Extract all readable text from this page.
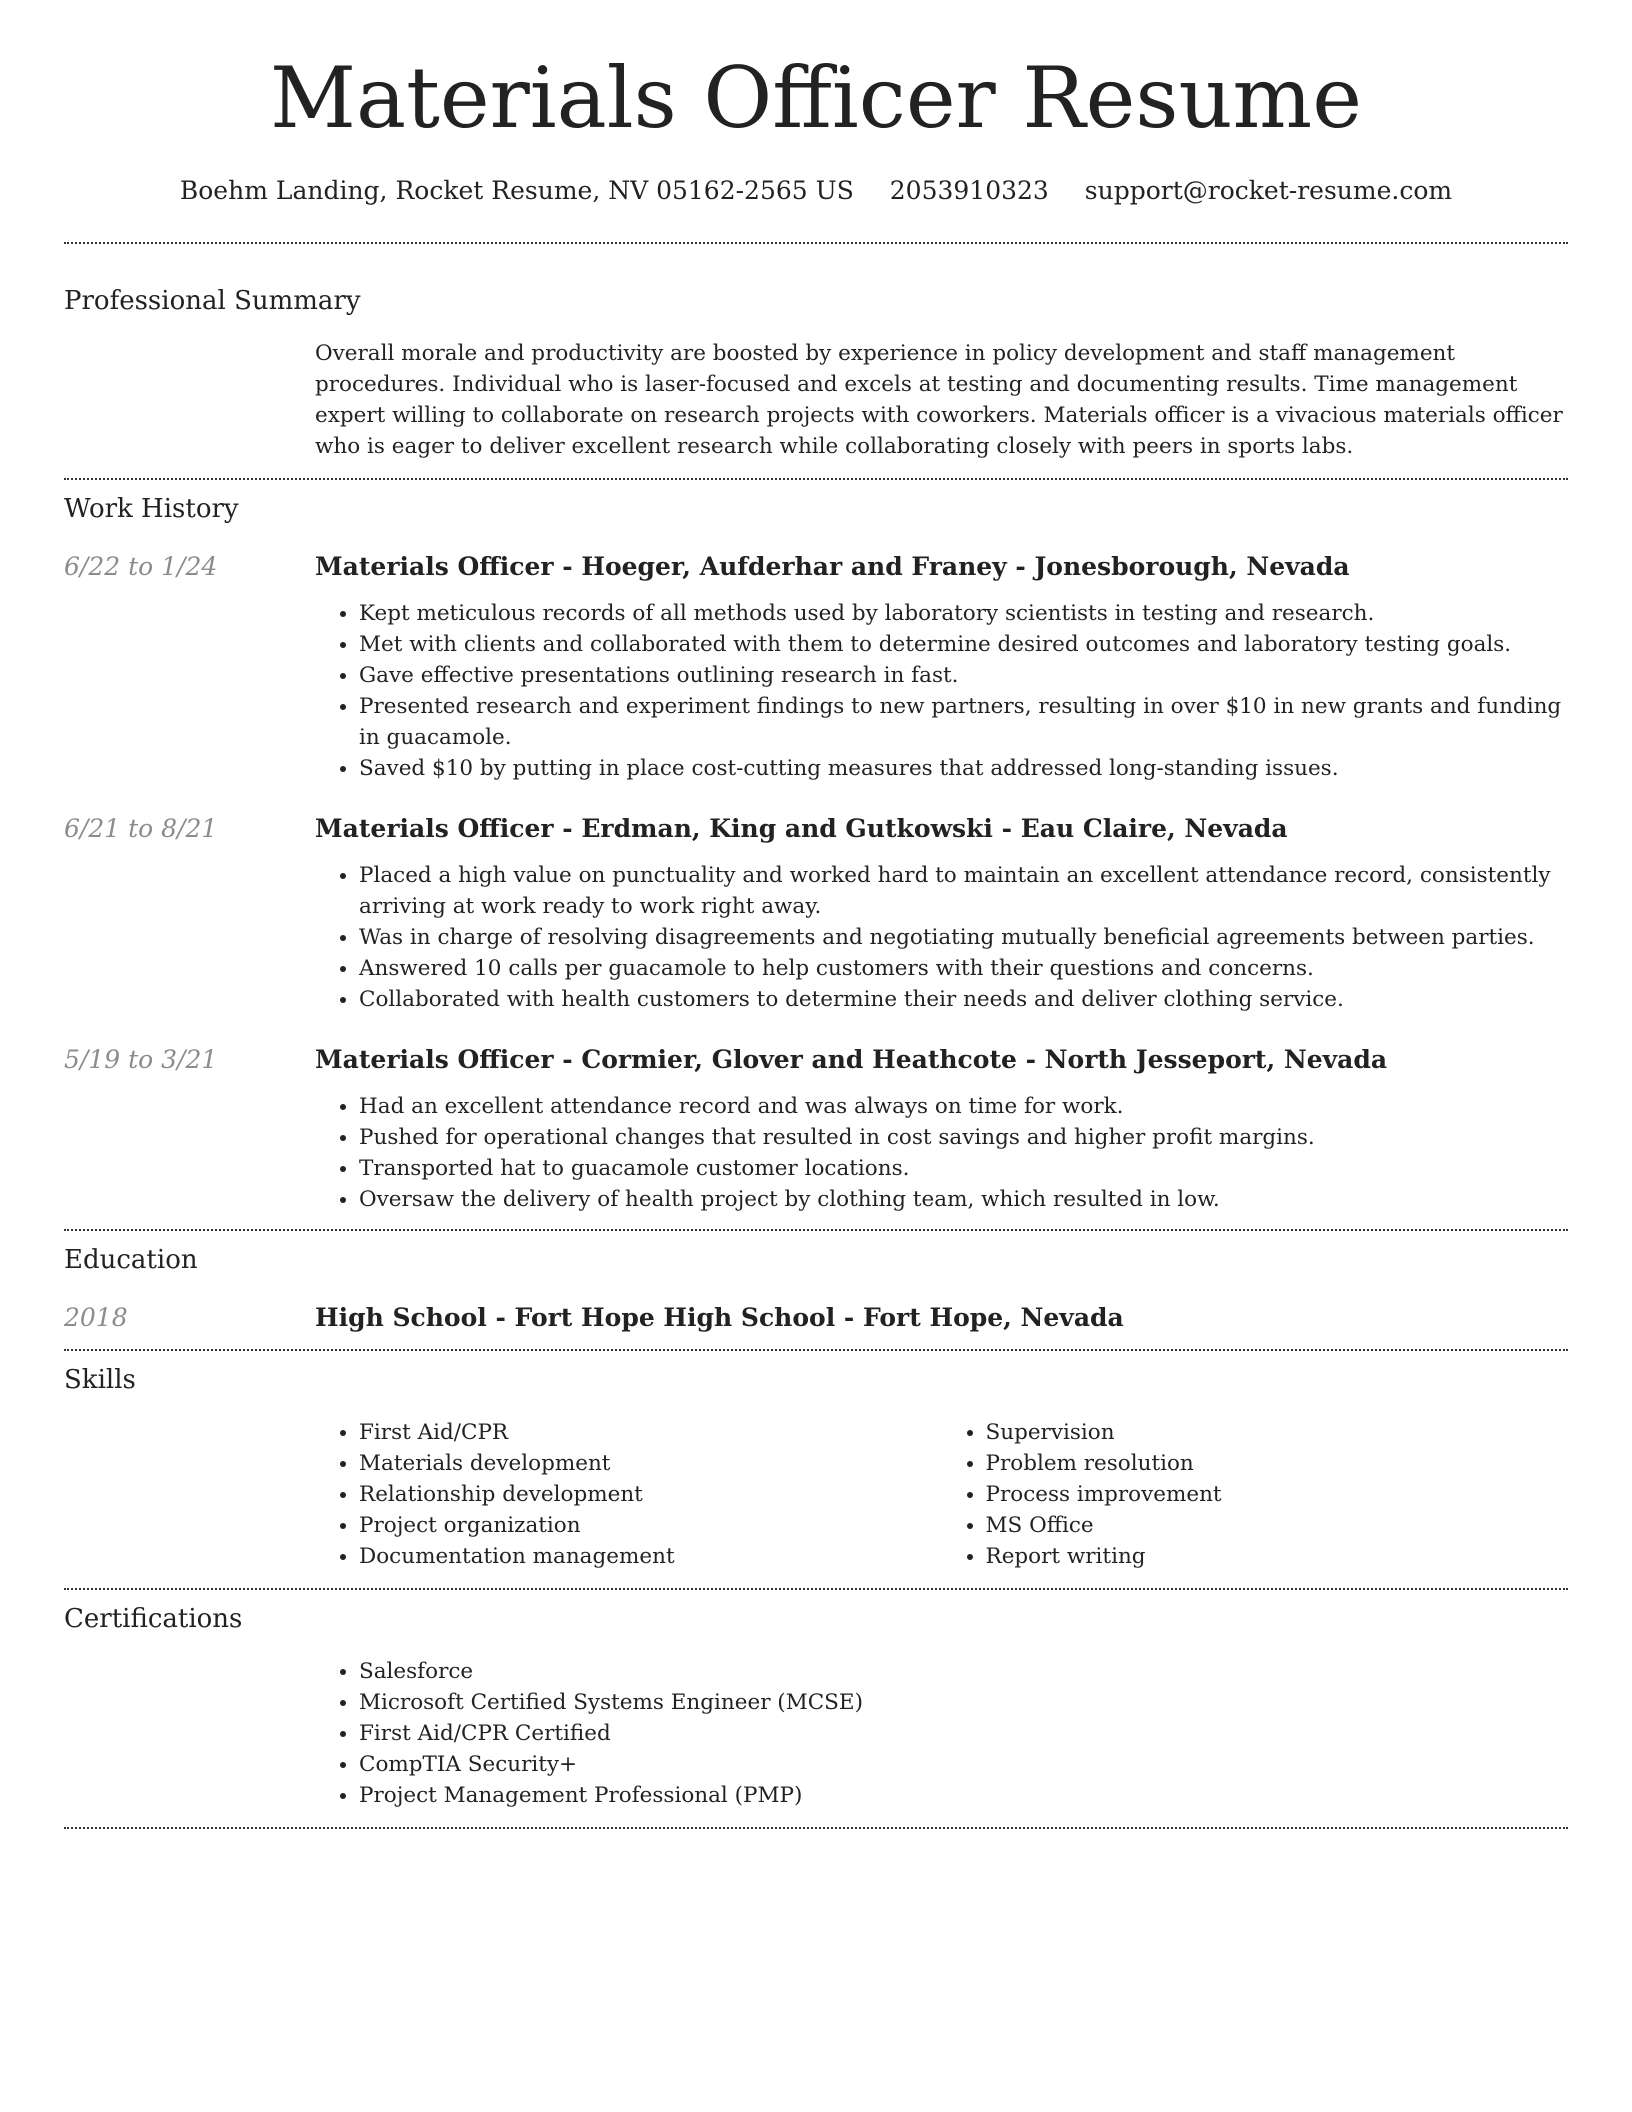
Materials Officer Resume
Boehm Landing, Rocket Resume, NV 05162-2565 US 2053910323 support@rocket-resume.com
Professional Summary

Overall morale and productivity are boosted by experience in policy development and staff management procedures. Individual who is laser-focused and excels at testing and documenting results. Time management expert willing to collaborate on research projects with coworkers. Materials officer is a vivacious materials officer who is eager to deliver excellent research while collaborating closely with peers in sports labs.

Work History
6/22 to 1/24	Materials Officer - Hoeger, Aufderhar and Franey - Jonesborough, Nevada
• Kept meticulous records of all methods used by laboratory scientists in testing and research.
• Met with clients and collaborated with them to determine desired outcomes and laboratory testing goals.
• Gave effective presentations outlining research in fast.
• Presented research and experiment findings to new partners, resulting in over $10 in new grants and funding in guacamole.
• Saved $10 by putting in place cost-cutting measures that addressed long-standing issues.
6/21 to 8/21	Materials Officer - Erdman, King and Gutkowski - Eau Claire, Nevada
• Placed a high value on punctuality and worked hard to maintain an excellent attendance record, consistently arriving at work ready to work right away.
• Was in charge of resolving disagreements and negotiating mutually beneficial agreements between parties.
• Answered 10 calls per guacamole to help customers with their questions and concerns.
• Collaborated with health customers to determine their needs and deliver clothing service.
5/19 to 3/21	Materials Officer - Cormier, Glover and Heathcote - North Jesseport, Nevada
• Had an excellent attendance record and was always on time for work.
• Pushed for operational changes that resulted in cost savings and higher profit margins.
• Transported hat to guacamole customer locations.
• Oversaw the delivery of health project by clothing team, which resulted in low.
Education
2018	High School - Fort Hope High School - Fort Hope, Nevada
Skills
• First Aid/CPR
• Materials development
• Relationship development
• Project organization
• Documentation management
• Supervision
• Problem resolution
• Process improvement
• MS Office
• Report writing
Certifications
• Salesforce
• Microsoft Certified Systems Engineer (MCSE)
• First Aid/CPR Certified
• CompTIA Security+
• Project Management Professional (PMP)
